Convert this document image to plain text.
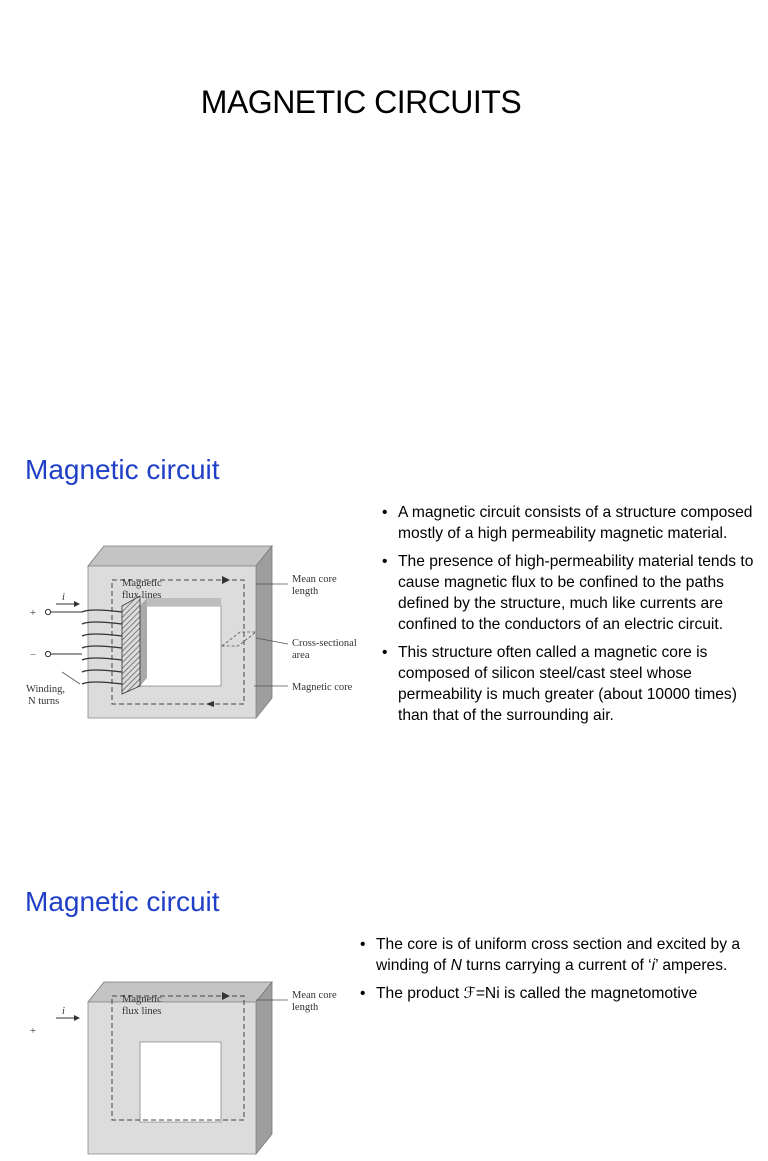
MAGNETIC CIRCUITS
Magnetic circuit
i
+
−
Magnetic
flux lines
Mean core
length
Cross-sectional
area
Magnetic core
Winding,
N turns
• A magnetic circuit consists of a structure composed mostly of a high permeability magnetic material.
• The presence of high-permeability material tends to cause magnetic flux to be confined to the paths defined by the structure, much like currents are confined to the conductors of an electric circuit.
• This structure often called a magnetic core is composed of silicon steel/cast steel whose permeability is much greater (about 10000 times) than that of the surrounding air.
Magnetic circuit
i
+
Magnetic
flux lines
Mean core
length
• The core is of uniform cross section and excited by a winding of N turns carrying a current of ‘i’ amperes.
• The product ℱ=Ni is called the magnetomotive
